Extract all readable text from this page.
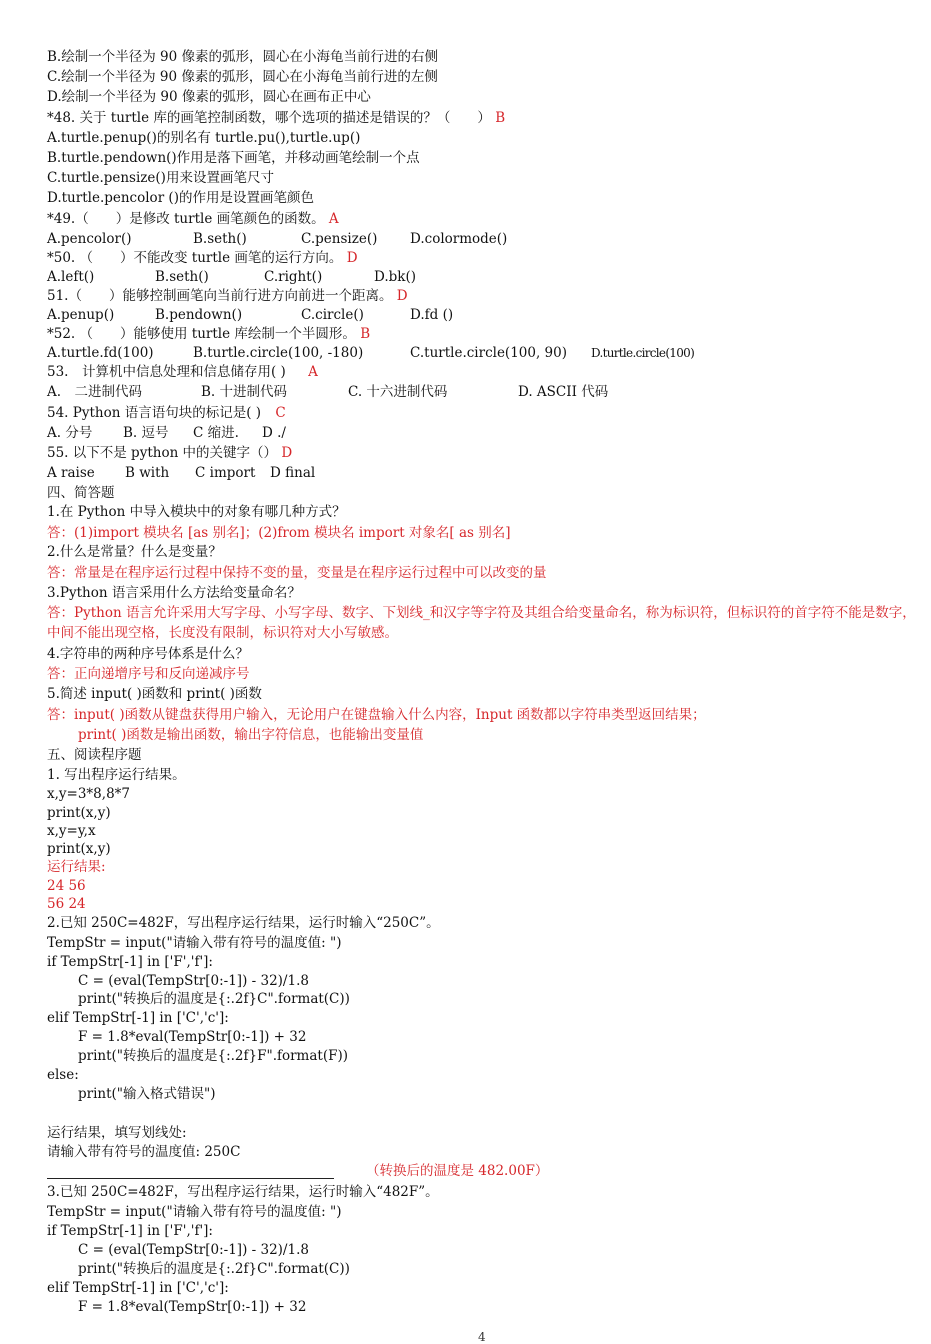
B.绘制一个半径为 90 像素的弧形，圆心在小海龟当前行进的右侧
C.绘制一个半径为 90 像素的弧形，圆心在小海龟当前行进的左侧
D.绘制一个半径为 90 像素的弧形，圆心在画布正中心
*48. 关于 turtle 库的画笔控制函数，哪个选项的描述是错误的？（　　） B
A.turtle.penup()的别名有 turtle.pu(),turtle.up()
B.turtle.pendown()作用是落下画笔，并移动画笔绘制一个点
C.turtle.pensize()用来设置画笔尺寸
D.turtle.pencolor ()的作用是设置画笔颜色
*49.（　　）是修改 turtle 画笔颜色的函数。 A
A.pencolor()	B.seth()	C.pensize() D.colormode()
*50. （　　）不能改变 turtle 画笔的运行方向。 D
A.left()	B.seth()	C.right()	D.bk()
51.（　　）能够控制画笔向当前行进方向前进一个距离。 D
A.penup()	B.pendown()	C.circle()	D.fd ()
*52. （　　）能够使用 turtle 库绘制一个半圆形。 B
A.turtle.fd(100)	B.turtle.circle(100, -180)	C.turtle.circle(100, 90) D.turtle.circle(100)
53.　计算机中信息处理和信息储存用( ) A
A.　二进制代码	B. 十进制代码	C. 十六进制代码	D. ASCII 代码
54. Python 语言语句块的标记是( ) C
A. 分号 B. 逗号 C 缩进. D ./
55. 以下不是 python 中的关键字（） D
A raise B with C import D final
四、简答题
1.在 Python 中导入模块中的对象有哪几种方式？
答：(1)import 模块名 [as 别名]；(2)from 模块名 import 对象名[ as 别名]
2.什么是常量？什么是变量？
答：常量是在程序运行过程中保持不变的量，变量是在程序运行过程中可以改变的量
3.Python 语言采用什么方法给变量命名？
答：Python 语言允许采用大写字母、小写字母、数字、下划线_和汉字等字符及其组合给变量命名，称为标识符，但标识符的首字符不能是数字，中间不能出现空格，长度没有限制，标识符对大小写敏感。
4.字符串的两种序号体系是什么？
答：正向递增序号和反向递减序号
5.简述 input( )函数和 print( )函数
答：input( )函数从键盘获得用户输入，无论用户在键盘输入什么内容，Input 函数都以字符串类型返回结果；
print( )函数是输出函数，输出字符信息，也能输出变量值
五、阅读程序题
1. 写出程序运行结果。
x,y=3*8,8*7
print(x,y)
x,y=y,x
print(x,y)
运行结果:
24 56
56 24
2.已知 250C=482F，写出程序运行结果，运行时输入“250C”。
TempStr = input("请输入带有符号的温度值: ")
if TempStr[-1] in ['F','f']:
C = (eval(TempStr[0:-1]) - 32)/1.8
print("转换后的温度是{:.2f}C".format(C))
elif TempStr[-1] in ['C','c']:
F = 1.8*eval(TempStr[0:-1]) + 32
print("转换后的温度是{:.2f}F".format(F))
else:
print("输入格式错误")
运行结果，填写划线处:
请输入带有符号的温度值: 250C
（转换后的温度是 482.00F）
3.已知 250C=482F，写出程序运行结果，运行时输入“482F”。
TempStr = input("请输入带有符号的温度值: ")
if TempStr[-1] in ['F','f']:
C = (eval(TempStr[0:-1]) - 32)/1.8
print("转换后的温度是{:.2f}C".format(C))
elif TempStr[-1] in ['C','c']:
F = 1.8*eval(TempStr[0:-1]) + 32
4
